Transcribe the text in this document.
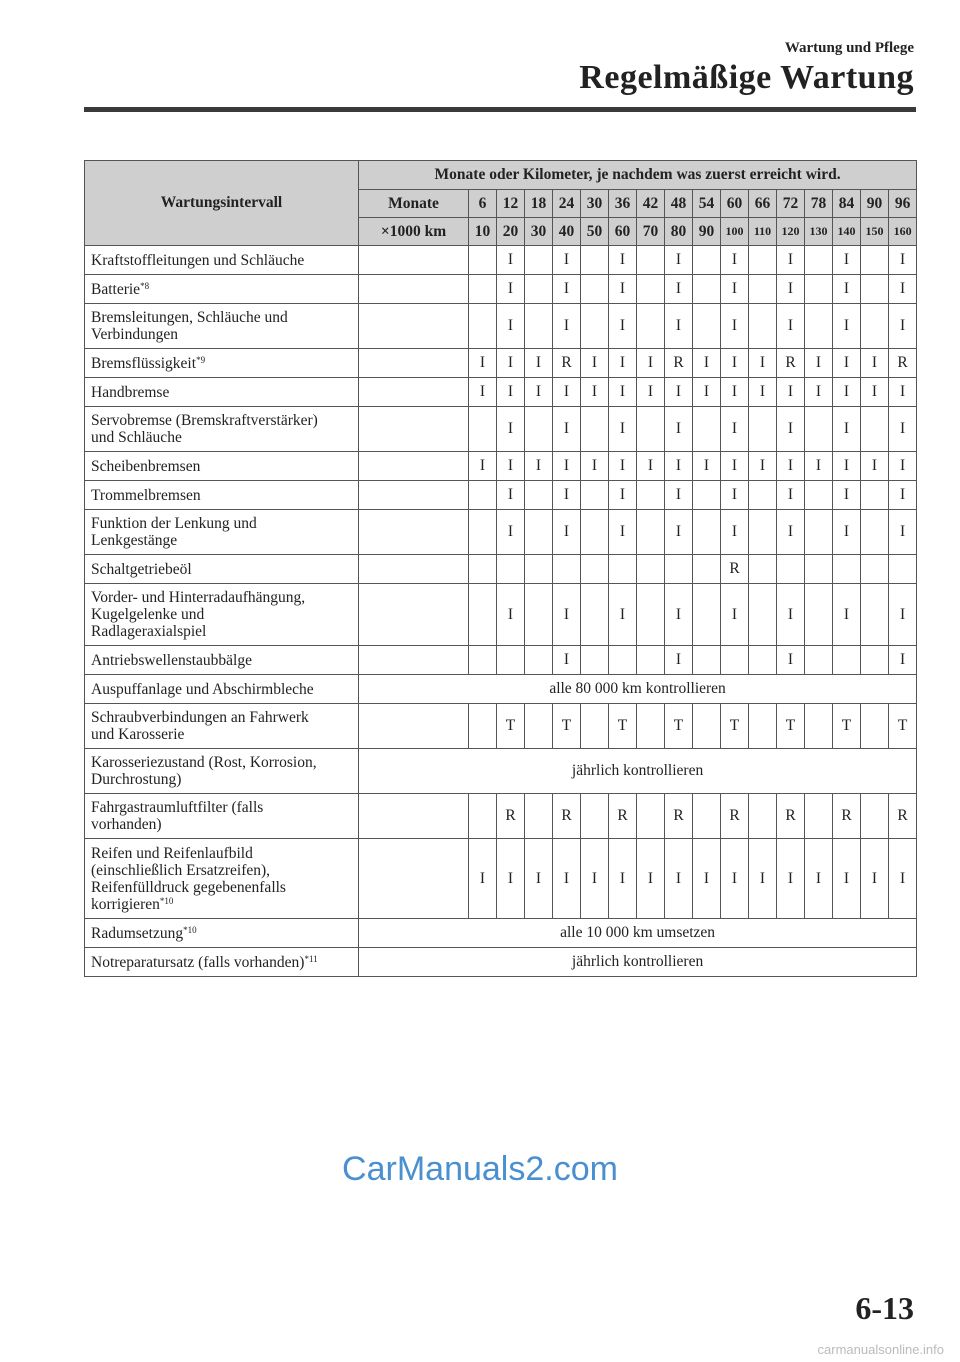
Wartung und Pflege
Regelmäßige Wartung
Wartungsintervall	Monate oder Kilometer, je nachdem was zuerst erreicht wird.																
	Monate	6	12	18	24	30	36	42	48	54	60	66	72	78	84	90	96
	×1000 km	10	20	30	40	50	60	70	80	90	100	110	120	130	140	150	160
Kraftstoffleitungen und Schläuche			I		I		I		I		I		I		I		I
Batterie$^{*8}$			I		I		I		I		I		I		I		I
Bremsleitungen, Schläuche und
Verbindungen			I		I		I		I		I		I		I		I
Bremsflüssigkeit$^{*9}$		I	I	I	R	I	I	I	R	I	I	I	R	I	I	I	R
Handbremse		I	I	I	I	I	I	I	I	I	I	I	I	I	I	I	I
Servobremse (Bremskraftverstärker)
und Schläuche			I		I		I		I		I		I		I		I
Scheibenbremsen		I	I	I	I	I	I	I	I	I	I	I	I	I	I	I	I
Trommelbremsen			I		I		I		I		I		I		I		I
Funktion der Lenkung und
Lenkgestänge			I		I		I		I		I		I		I		I
Schaltgetriebeöl											R						
Vorder- und Hinterradaufhängung,
Kugelgelenke und
Radlageraxialspiel			I		I		I		I		I		I		I		I
Antriebswellenstaubbälge					I				I				I				I
Auspuffanlage und Abschirmbleche	alle 80 000 km kontrollieren																
Schraubverbindungen an Fahrwerk
und Karosserie			T		T		T		T		T		T		T		T
Karosseriezustand (Rost, Korrosion,
Durchrostung)	jährlich kontrollieren																
Fahrgastraumluftfilter (falls
vorhanden)			R		R		R		R		R		R		R		R
Reifen und Reifenlaufbild
(einschließlich Ersatzreifen),
Reifenfülldruck gegebenenfalls
korrigieren$^{*10}$		I	I	I	I	I	I	I	I	I	I	I	I	I	I	I	I
Radumsetzung$^{*10}$	alle 10 000 km umsetzen																
Notreparatursatz (falls vorhanden)$^{*11}$	jährlich kontrollieren																
CarManuals2.com
6-13
carmanualsonline.info
